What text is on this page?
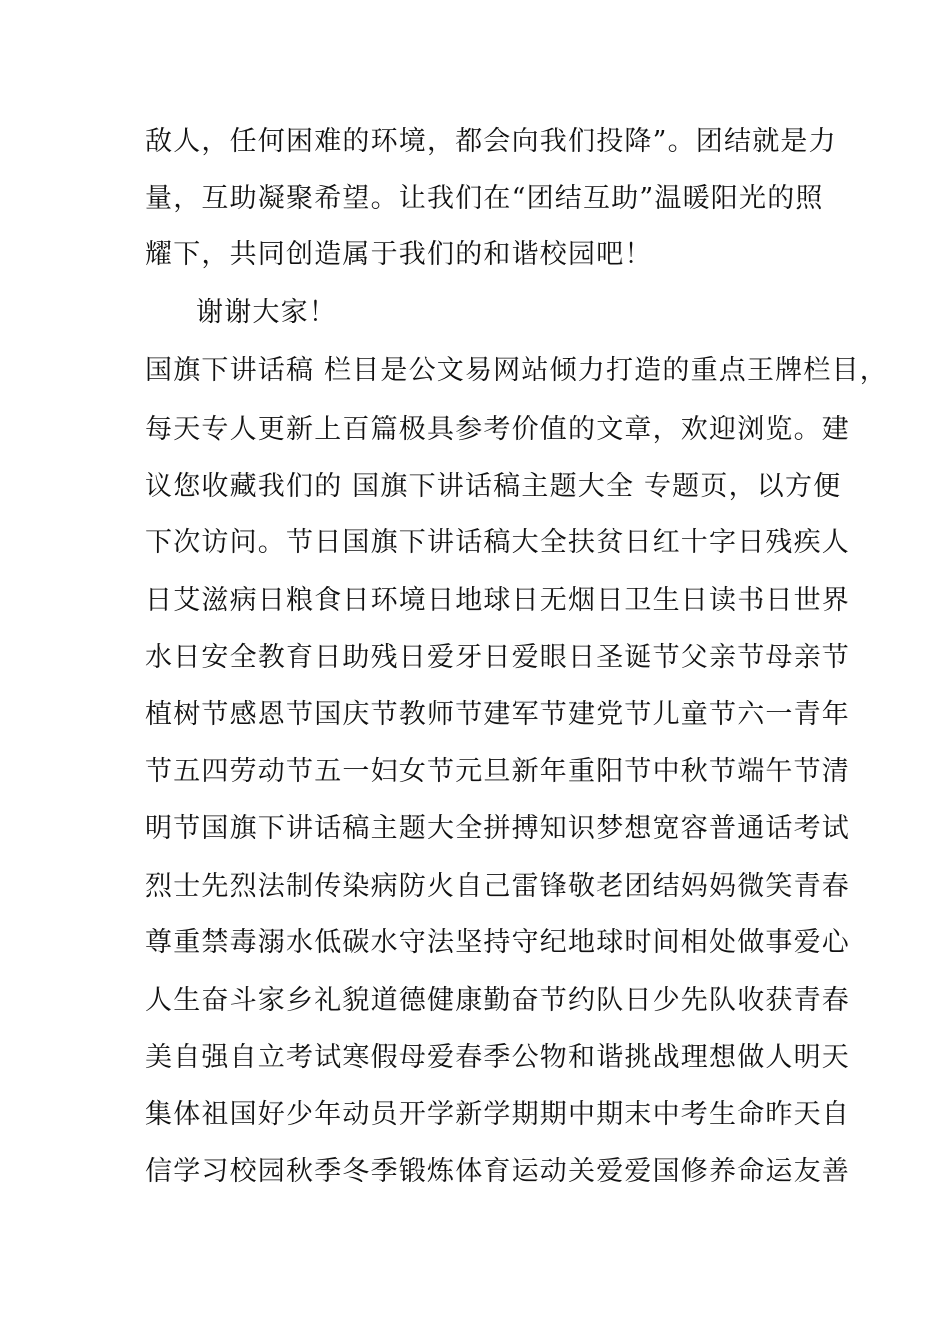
敌人，任何困难的环境，都会向我们投降”。团结就是力
量，互助凝聚希望。让我们在“团结互助”温暖阳光的照
耀下，共同创造属于我们的和谐校园吧！
谢谢大家！
国旗下讲话稿 栏目是公文易网站倾力打造的重点王牌栏目，
每天专人更新上百篇极具参考价值的文章，欢迎浏览。建
议您收藏我们的 国旗下讲话稿主题大全 专题页，以方便
下次访问。节日国旗下讲话稿大全扶贫日红十字日残疾人
日艾滋病日粮食日环境日地球日无烟日卫生日读书日世界
水日安全教育日助残日爱牙日爱眼日圣诞节父亲节母亲节
植树节感恩节国庆节教师节建军节建党节儿童节六一青年
节五四劳动节五一妇女节元旦新年重阳节中秋节端午节清
明节国旗下讲话稿主题大全拼搏知识梦想宽容普通话考试
烈士先烈法制传染病防火自己雷锋敬老团结妈妈微笑青春
尊重禁毒溺水低碳水守法坚持守纪地球时间相处做事爱心
人生奋斗家乡礼貌道德健康勤奋节约队日少先队收获青春
美自强自立考试寒假母爱春季公物和谐挑战理想做人明天
集体祖国好少年动员开学新学期期中期末中考生命昨天自
信学习校园秋季冬季锻炼体育运动关爱爱国修养命运友善
